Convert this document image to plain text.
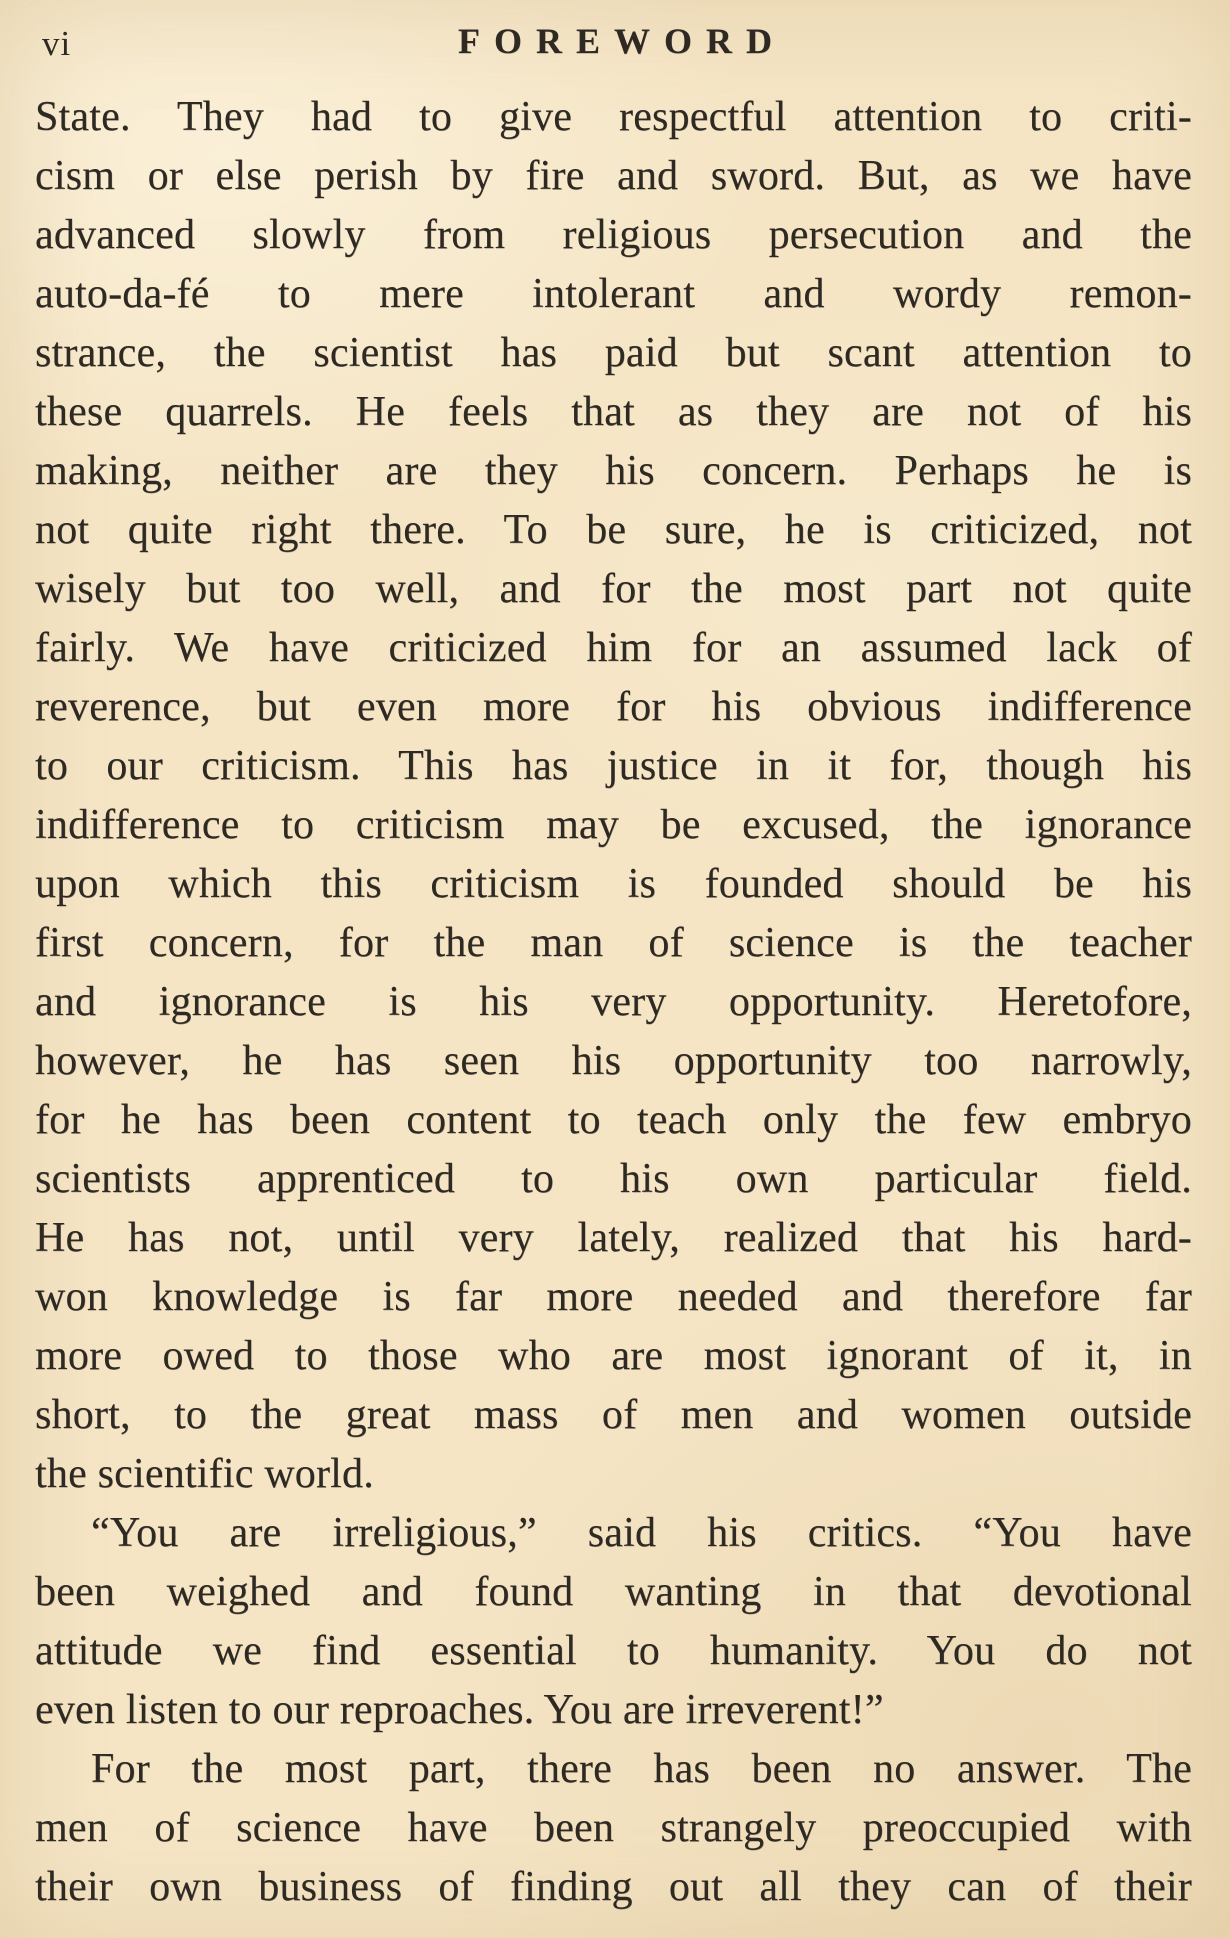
vi	FOREWORD
State. They had to give respectful attention to criti-
cism or else perish by fire and sword. But, as we have
advanced slowly from religious persecution and the
auto-da-fé to mere intolerant and wordy remon-
strance, the scientist has paid but scant attention to
these quarrels. He feels that as they are not of his
making, neither are they his concern. Perhaps he is
not quite right there. To be sure, he is criticized, not
wisely but too well, and for the most part not quite
fairly. We have criticized him for an assumed lack of
reverence, but even more for his obvious indifference
to our criticism. This has justice in it for, though his
indifference to criticism may be excused, the ignorance
upon which this criticism is founded should be his
first concern, for the man of science is the teacher
and ignorance is his very opportunity. Heretofore,
however, he has seen his opportunity too narrowly,
for he has been content to teach only the few embryo
scientists apprenticed to his own particular field.
He has not, until very lately, realized that his hard-
won knowledge is far more needed and therefore far
more owed to those who are most ignorant of it, in
short, to the great mass of men and women outside
the scientific world.
“You are irreligious,” said his critics. “You have
been weighed and found wanting in that devotional
attitude we find essential to humanity. You do not
even listen to our reproaches. You are irreverent!”
For the most part, there has been no answer. The
men of science have been strangely preoccupied with
their own business of finding out all they can of their
